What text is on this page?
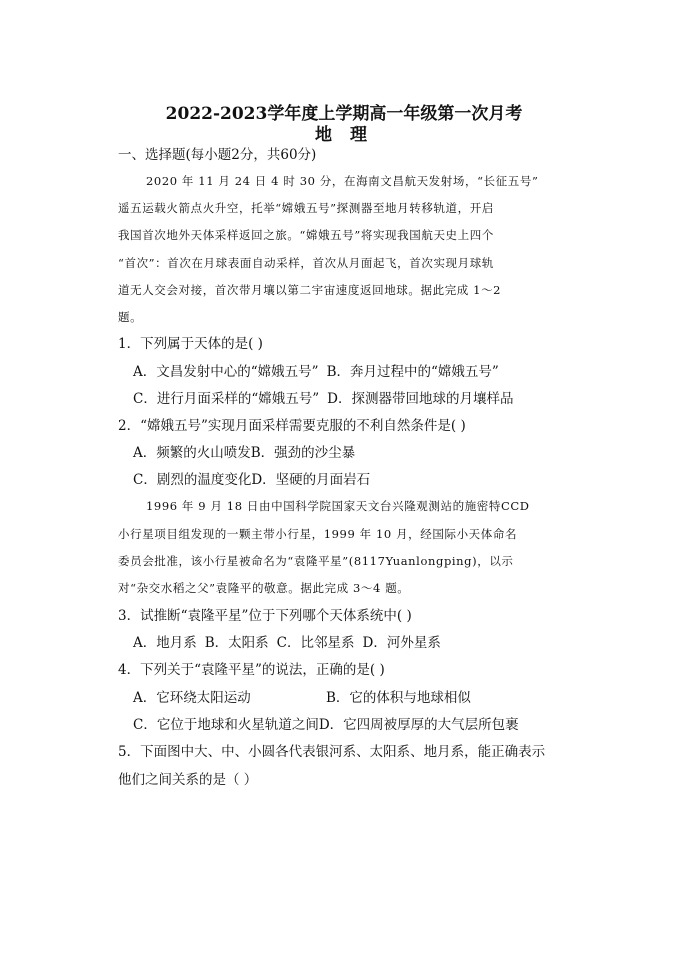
2022-2023学年度上学期高一年级第一次月考
地 理
一、选择题(每小题2分，共60分)
2020 年 11 月 24 日 4 时 30 分，在海南文昌航天发射场，“长征五号”
遥五运载火箭点火升空，托举“嫦娥五号”探测器至地月转移轨道，开启
我国首次地外天体采样返回之旅。“嫦娥五号”将实现我国航天史上四个
“首次”：首次在月球表面自动采样，首次从月面起飞，首次实现月球轨
道无人交会对接，首次带月壤以第二宇宙速度返回地球。据此完成 1～2
题。
1．下列属于天体的是( )
A．文昌发射中心的“嫦娥五号” B．奔月过程中的“嫦娥五号”
C．进行月面采样的“嫦娥五号” D．探测器带回地球的月壤样品
2．“嫦娥五号”实现月面采样需要克服的不利自然条件是( )
A．频繁的火山喷发B．强劲的沙尘暴
C．剧烈的温度变化D．坚硬的月面岩石
1996 年 9 月 18 日由中国科学院国家天文台兴隆观测站的施密特CCD
小行星项目组发现的一颗主带小行星，1999 年 10 月，经国际小天体命名
委员会批准，该小行星被命名为“袁隆平星”(8117Yuanlongping)，以示
对“杂交水稻之父”袁隆平的敬意。据此完成 3～4 题。
3．试推断“袁隆平星”位于下列哪个天体系统中( )
A．地月系 B．太阳系 C．比邻星系 D．河外星系
4．下列关于“袁隆平星”的说法，正确的是( )
A．它环绕太阳运动	B．它的体积与地球相似
C．它位于地球和火星轨道之间D．它四周被厚厚的大气层所包裹
5．下面图中大、中、小圆各代表银河系、太阳系、地月系，能正确表示
他们之间关系的是（ ）
